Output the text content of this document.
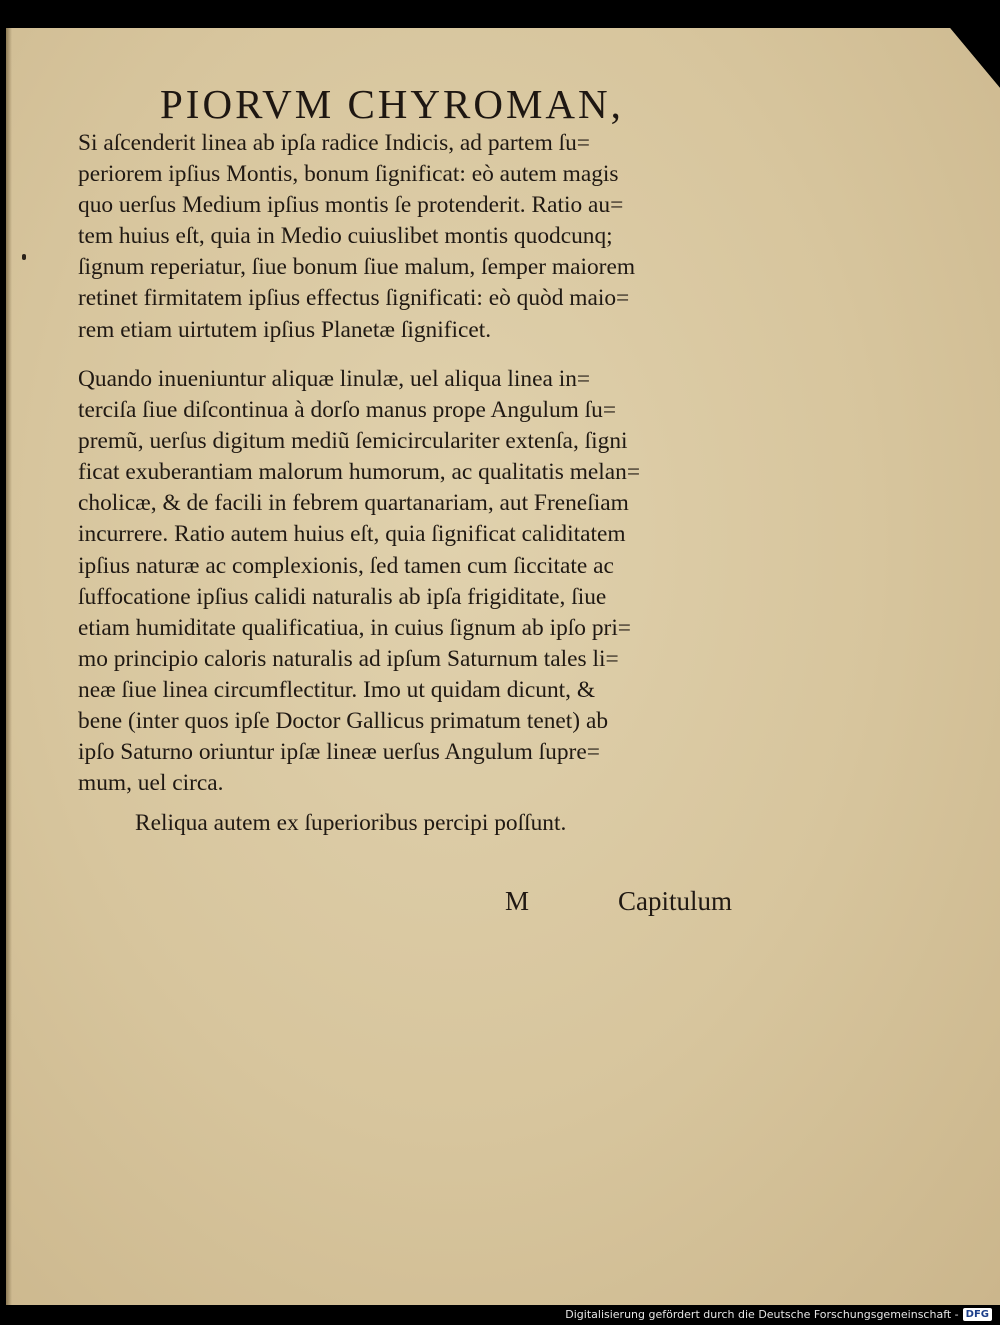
PIORVM CHYROMAN,
Si aſcenderit linea ab ipſa radice Indicis, ad partem ſu=
periorem ipſius Montis, bonum ſignificat: eò autem magis
quo uerſus Medium ipſius montis ſe protenderit. Ratio au=
tem huius eſt, quia in Medio cuiuslibet montis quodcunq;
ſignum reperiatur, ſiue bonum ſiue malum, ſemper maiorem
retinet firmitatem ipſius effectus ſignificati: eò quòd maio=
rem etiam uirtutem ipſius Planetæ ſignificet.
Quando inueniuntur aliquæ linulæ, uel aliqua linea in=
terciſa ſiue diſcontinua à dorſo manus prope Angulum ſu=
premũ, uerſus digitum mediũ ſemicirculariter extenſa, ſigni
ficat exuberantiam malorum humorum, ac qualitatis melan=
cholicæ, & de facili in febrem quartanariam, aut Freneſiam
incurrere. Ratio autem huius eſt, quia ſignificat caliditatem
ipſius naturæ ac complexionis, ſed tamen cum ſiccitate ac
ſuffocatione ipſius calidi naturalis ab ipſa frigiditate, ſiue
etiam humiditate qualificatiua, in cuius ſignum ab ipſo pri=
mo principio caloris naturalis ad ipſum Saturnum tales li=
neæ ſiue linea circumflectitur. Imo ut quidam dicunt, &
bene (inter quos ipſe Doctor Gallicus primatum tenet) ab
ipſo Saturno oriuntur ipſæ lineæ uerſus Angulum ſupre=
mum, uel circa.
Reliqua autem ex ſuperioribus percipi poſſunt.
M	Capitulum
Digitalisierung gefördert durch die Deutsche Forschungsgemeinschaft - DFG
